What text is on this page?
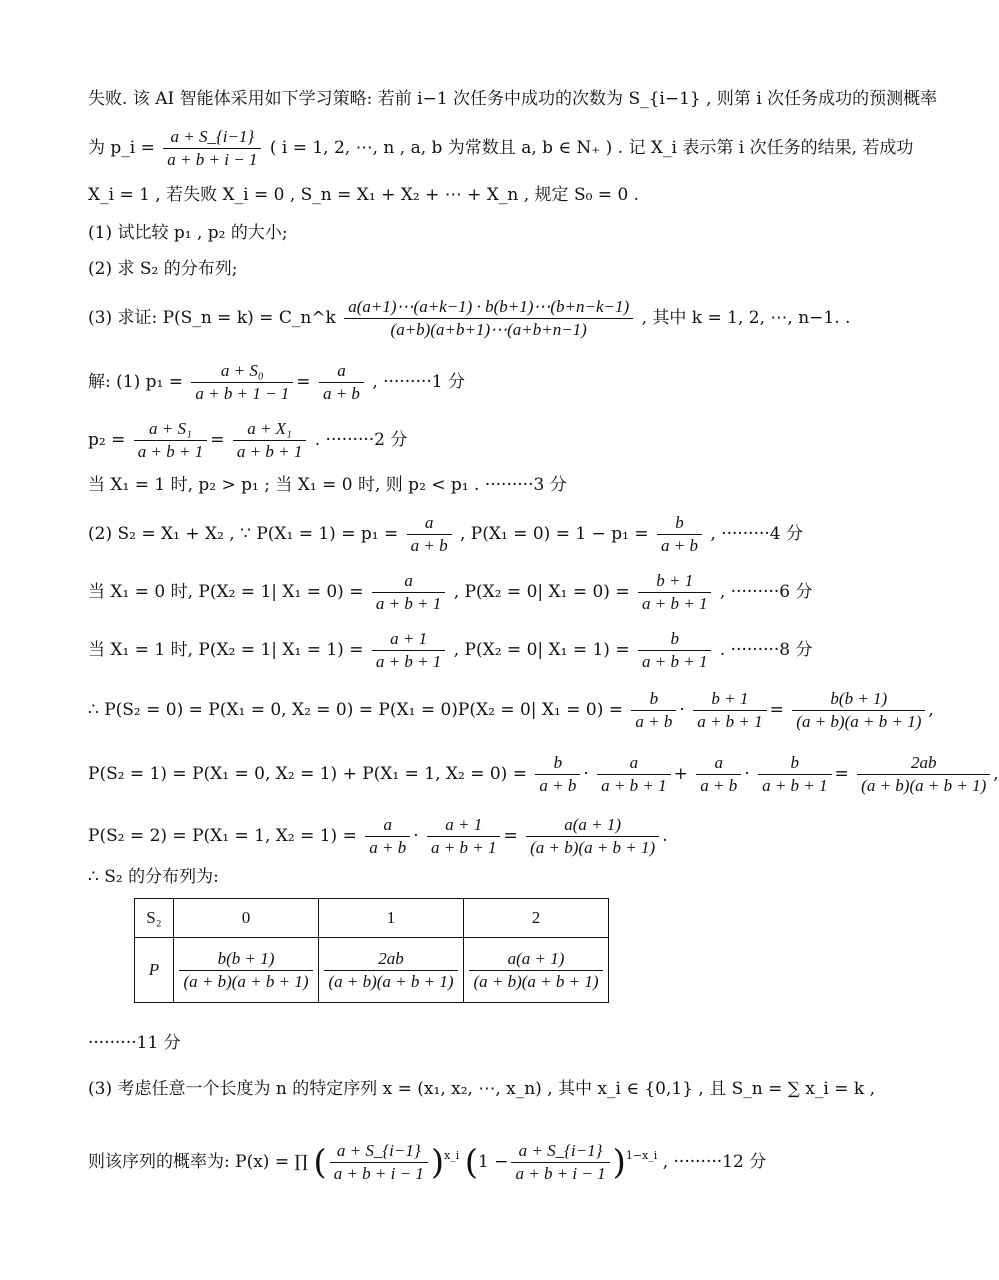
失败. 该 AI 智能体采用如下学习策略: 若前 i−1 次任务中成功的次数为 S_{i−1} , 则第 i 次任务成功的预测概率
为 p_i = $\frac{a + S\_\{i-1\}}{a + b + i - 1}$ ( i = 1, 2, ⋯, n , a, b 为常数且 a, b ∈ N₊ ) . 记 X_i 表示第 i 次任务的结果, 若成功
X_i = 1 , 若失败 X_i = 0 , S_n = X₁ + X₂ + ⋯ + X_n , 规定 S₀ = 0 .
(1) 试比较 p₁ , p₂ 的大小;
(2) 求 S₂ 的分布列;
(3) 求证: P(S_n = k) = C_n^k $\frac{a(a+1)\cdots(a+k-1) \cdot b(b+1)\cdots(b+n-k-1)}{(a+b)(a+b+1)\cdots(a+b+n-1)}$ , 其中 k = 1, 2, ⋯, n−1. .
解: (1) $p_1 = \frac{\text{a + S₀}}{a + b + 1 - 1} = \frac{a}{a + b}$ , ·········1 分
$p_2 = \frac{\text{a + S₁}}{a + b + 1} = \frac{\text{a + X₁}}{a + b + 1}$ . ·········2 分
当 X₁ = 1 时, p₂ > p₁ ; 当 X₁ = 0 时, 则 p₂ < p₁ . ·········3 分
(2) S₂ = X₁ + X₂ , ∵ $P(X_1 = 1) = p_1 = \frac{a}{a + b}$ , $P(X_1 = 0) = 1 - p_1 = \frac{b}{a + b}$ , ·········4 分
当 X₁ = 0 时, P(X₂ = 1| $X_1 = 0) = \frac{a}{a + b + 1}$ , P(X₂ = 0| $X_1 = 0) = \frac{b + 1}{a + b + 1}$ , ·········6 分
当 X₁ = 1 时, P(X₂ = 1| $X_1 = 1) = \frac{a + 1}{a + b + 1}$ , P(X₂ = 0| $X_1 = 1) = \frac{b}{a + b + 1}$ . ·········8 分
∴ P(S₂ = 0) = P(X₁ = 0, X₂ = 0) = P(X₁ = 0)P(X₂ = 0| $X_1 = 0) = \frac{b}{a + b} \cdot \frac{b + 1}{a + b + 1} = \frac{b(b + 1)}{(a + b)(a + b + 1)}$ ,
P(S₂ = 1) = P(X₁ = 0, X₂ = 1) + P(X₁ = 1, $X_2 = 0) = \frac{b}{a + b} \cdot \frac{a}{a + b + 1} + \frac{a}{a + b} \cdot \frac{b}{a + b + 1} = \frac{2ab}{(a + b)(a + b + 1)}$ ,
P(S₂ = 2) = P(X₁ = 1, $X_2 = 1) = \frac{a}{a + b} \cdot \frac{a + 1}{a + b + 1} = \frac{a(a + 1)}{(a + b)(a + b + 1)}$ .
∴ S₂ 的分布列为:
S₂	0	1	2
P	$\frac{b(b + 1)}{(a + b)(a + b + 1)}$	$\frac{2ab}{(a + b)(a + b + 1)}$	$\frac{a(a + 1)}{(a + b)(a + b + 1)}$
·········11 分
(3) 考虑任意一个长度为 n 的特定序列 x = (x₁, x₂, ⋯, x_n) , 其中 x_i ∈ {0,1} , 且 S_n = ∑ x_i = k ,
则该序列的概率为: P(x) = ∏ ( $\frac{a + S\_\{i-1\}}{a + b + i - 1} )^{x\_i}$ $(1 - \frac{a + S\_\{i-1\}}{a + b + i - 1} )^{1-x\_i}$ , ·········12 分
